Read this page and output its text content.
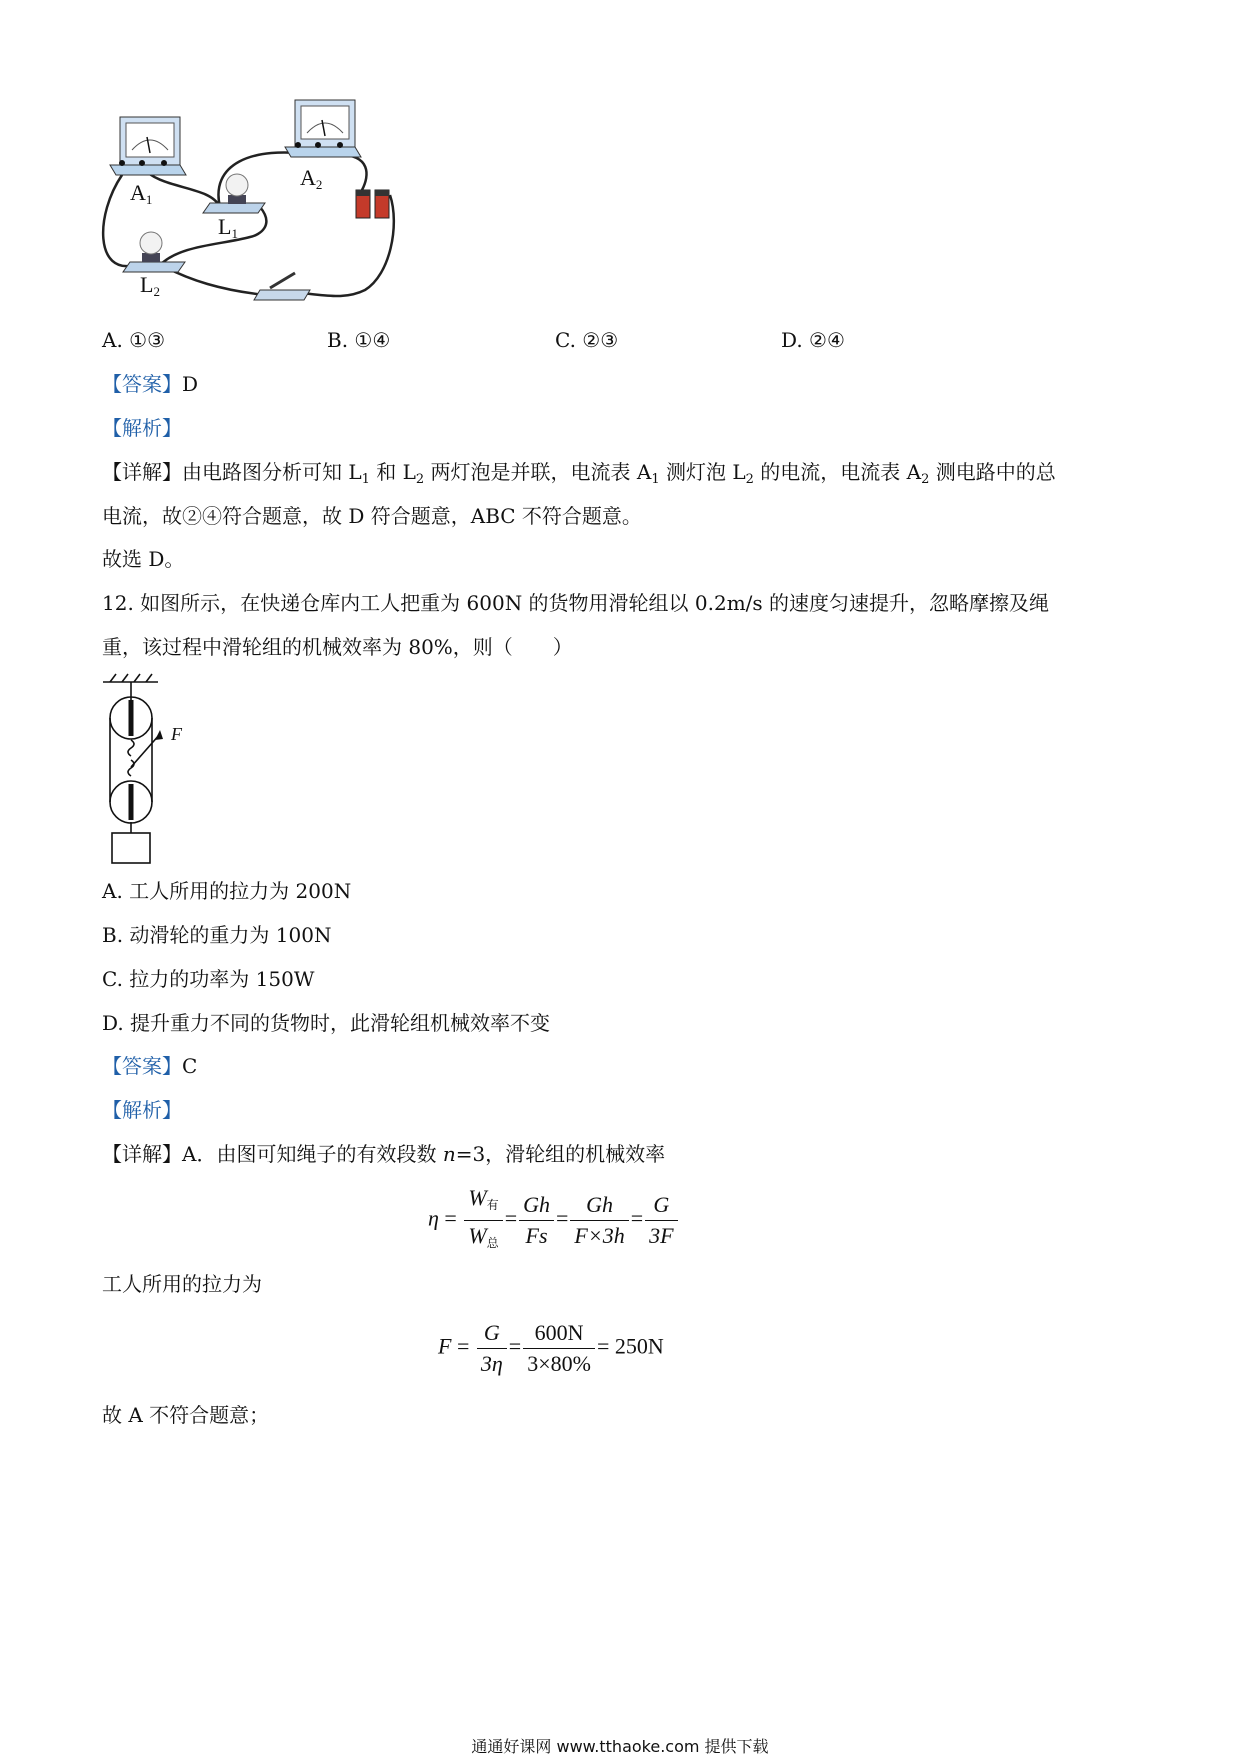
$A_1$
$A_2$
$L_1$
$L_2$
A. ①③	B. ①④	C. ②③	D. ②④
【答案】D
【解析】
【详解】由电路图分析可知 $L_1$ 和 $L_2$ 两灯泡是并联，电流表 $A_1$ 测灯泡 $L_2$ 的电流，电流表 $A_2$ 测电路中的总
电流，故②④符合题意，故 D 符合题意，ABC 不符合题意。
故选 D。
12. 如图所示，在快递仓库内工人把重为 600N 的货物用滑轮组以 0.2m/s 的速度匀速提升，忽略摩擦及绳
重，该过程中滑轮组的机械效率为 80%，则（　　）
F
A. 工人所用的拉力为 200N
B. 动滑轮的重力为 100N
C. 拉力的功率为 150W
D. 提升重力不同的货物时，此滑轮组机械效率不变
【答案】C
【解析】
【详解】A．由图可知绳子的有效段数 n=3，滑轮组的机械效率
$\eta = \frac{W_有}{W_总} = \frac{Gh}{Fs} = \frac{Gh}{F\times 3h} = \frac{G}{3F}$
工人所用的拉力为
$F = \frac{G}{3\eta} = \frac{600N}{3\times 80\%} = 250N$
故 A 不符合题意；
通通好课网 www.tthaoke.com 提供下载
